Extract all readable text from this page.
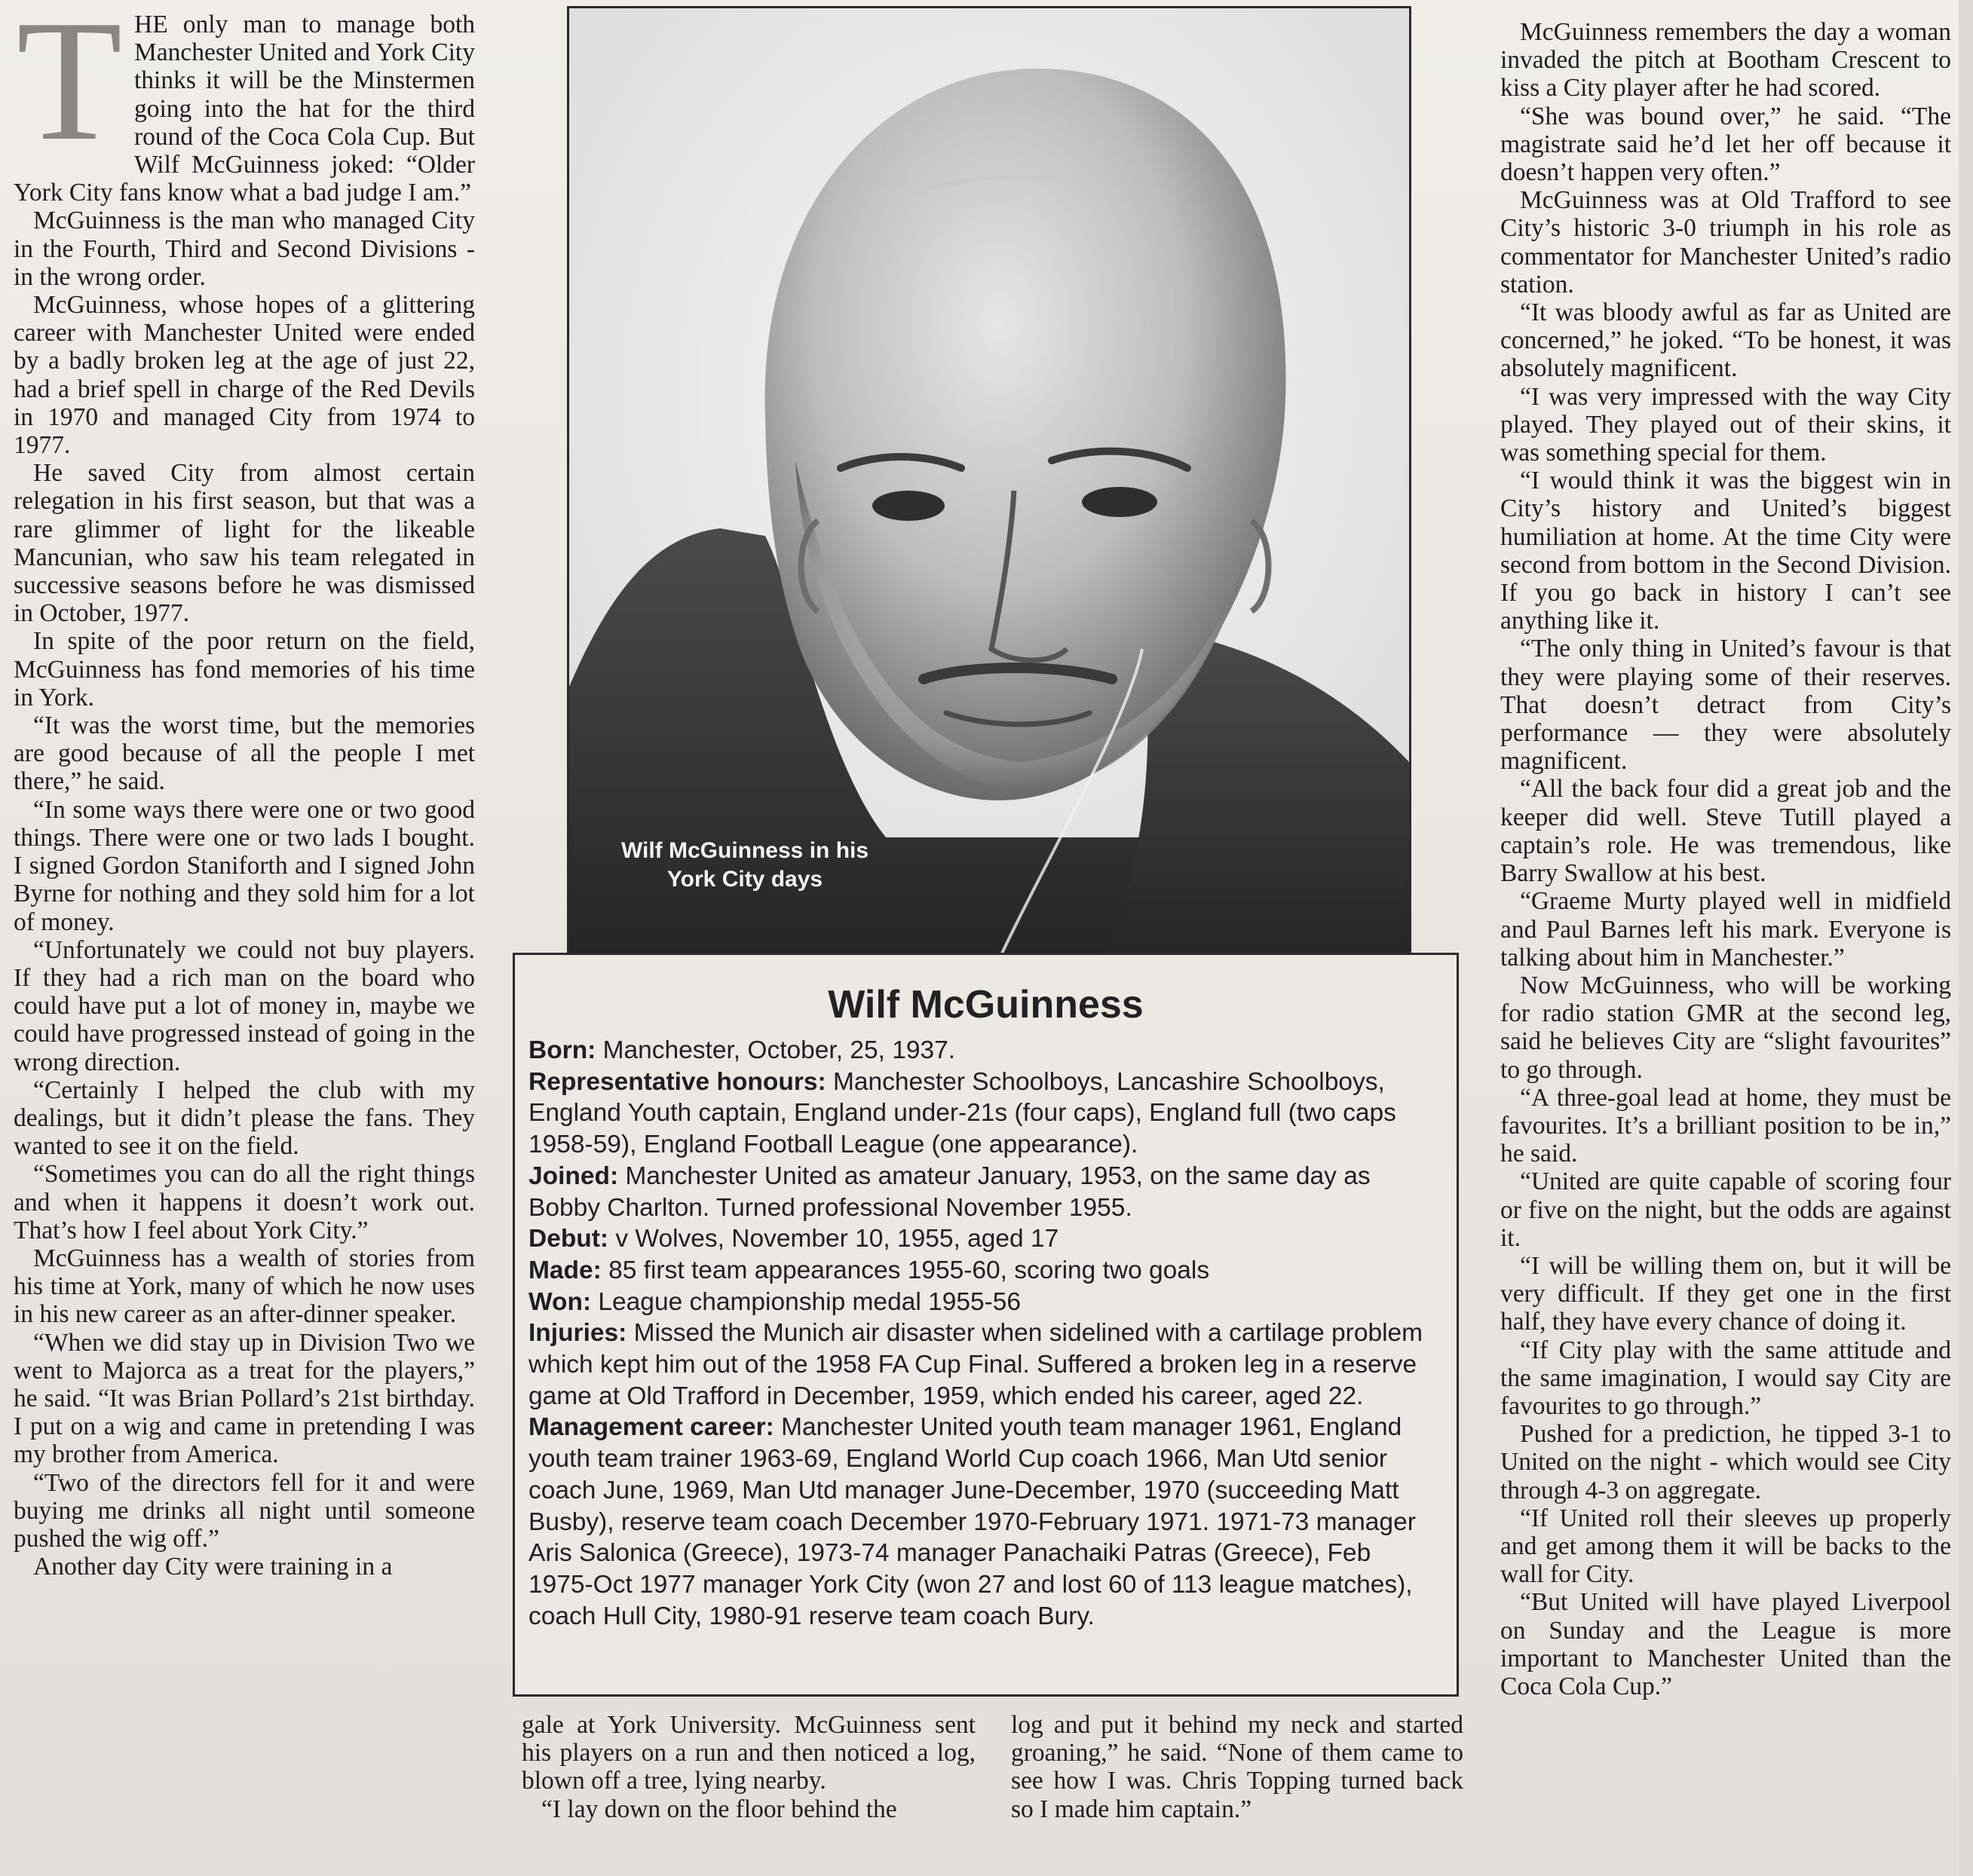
T HE only man to manage both Manchester United and York City thinks it will be the Minstermen going into the hat for the third round of the Coca Cola Cup. But Wilf McGuinness joked: “Older York City fans know what a bad judge I am.”

McGuinness is the man who managed City in the Fourth, Third and Second Divisions - in the wrong order.

McGuinness, whose hopes of a glittering career with Manchester United were ended by a badly broken leg at the age of just 22, had a brief spell in charge of the Red Devils in 1970 and managed City from 1974 to 1977.

He saved City from almost certain relegation in his first season, but that was a rare glimmer of light for the likeable Mancunian, who saw his team relegated in successive seasons before he was dismissed in October, 1977.

In spite of the poor return on the field, McGuinness has fond memories of his time in York.

“It was the worst time, but the memories are good because of all the people I met there,” he said.

“In some ways there were one or two good things. There were one or two lads I bought. I signed Gordon Staniforth and I signed John Byrne for nothing and they sold him for a lot of money.

“Unfortunately we could not buy players. If they had a rich man on the board who could have put a lot of money in, maybe we could have progressed instead of going in the wrong direction.

“Certainly I helped the club with my dealings, but it didn’t please the fans. They wanted to see it on the field.

“Sometimes you can do all the right things and when it happens it doesn’t work out. That’s how I feel about York City.”

McGuinness has a wealth of stories from his time at York, many of which he now uses in his new career as an after-dinner speaker.

“When we did stay up in Division Two we went to Majorca as a treat for the players,” he said. “It was Brian Pollard’s 21st birthday. I put on a wig and came in pretending I was my brother from America.

“Two of the directors fell for it and were buying me drinks all night until someone pushed the wig off.”

Another day City were training in a

Wilf McGuinness in his York City days
Wilf McGuinness

Born: Manchester, October, 25, 1937.

Representative honours: Manchester Schoolboys, Lancashire Schoolboys, England Youth captain, England under-21s (four caps), England full (two caps 1958-59), England Football League (one appearance).

Joined: Manchester United as amateur January, 1953, on the same day as Bobby Charlton. Turned professional November 1955.

Debut: v Wolves, November 10, 1955, aged 17

Made: 85 first team appearances 1955-60, scoring two goals

Won: League championship medal 1955-56

Injuries: Missed the Munich air disaster when sidelined with a cartilage problem which kept him out of the 1958 FA Cup Final. Suffered a broken leg in a reserve game at Old Trafford in December, 1959, which ended his career, aged 22.

Management career: Manchester United youth team manager 1961, England youth team trainer 1963-69, England World Cup coach 1966, Man Utd senior coach June, 1969, Man Utd manager June-December, 1970 (succeeding Matt Busby), reserve team coach December 1970-February 1971. 1971-73 manager Aris Salonica (Greece), 1973-74 manager Panachaiki Patras (Greece), Feb 1975-Oct 1977 manager York City (won 27 and lost 60 of 113 league matches), coach Hull City, 1980-91 reserve team coach Bury.

gale at York University. McGuinness sent his players on a run and then noticed a log, blown off a tree, lying nearby.

“I lay down on the floor behind the

log and put it behind my neck and started groaning,” he said. “None of them came to see how I was. Chris Topping turned back so I made him captain.”

McGuinness remembers the day a woman invaded the pitch at Bootham Crescent to kiss a City player after he had scored.

“She was bound over,” he said. “The magistrate said he’d let her off because it doesn’t happen very often.”

McGuinness was at Old Trafford to see City’s historic 3-0 triumph in his role as commentator for Manchester United’s radio station.

“It was bloody awful as far as United are concerned,” he joked. “To be honest, it was absolutely magnificent.

“I was very impressed with the way City played. They played out of their skins, it was something special for them.

“I would think it was the biggest win in City’s history and United’s biggest humiliation at home. At the time City were second from bottom in the Second Division. If you go back in history I can’t see anything like it.

“The only thing in United’s favour is that they were playing some of their reserves. That doesn’t detract from City’s performance — they were absolutely magnificent.

“All the back four did a great job and the keeper did well. Steve Tutill played a captain’s role. He was tremendous, like Barry Swallow at his best.

“Graeme Murty played well in midfield and Paul Barnes left his mark. Everyone is talking about him in Manchester.”

Now McGuinness, who will be working for radio station GMR at the second leg, said he believes City are “slight favourites” to go through.

“A three-goal lead at home, they must be favourites. It’s a brilliant position to be in,” he said.

“United are quite capable of scoring four or five on the night, but the odds are against it.

“I will be willing them on, but it will be very difficult. If they get one in the first half, they have every chance of doing it.

“If City play with the same attitude and the same imagination, I would say City are favourites to go through.”

Pushed for a prediction, he tipped 3-1 to United on the night - which would see City through 4-3 on aggregate.

“If United roll their sleeves up properly and get among them it will be backs to the wall for City.

“But United will have played Liverpool on Sunday and the League is more important to Manchester United than the Coca Cola Cup.”
